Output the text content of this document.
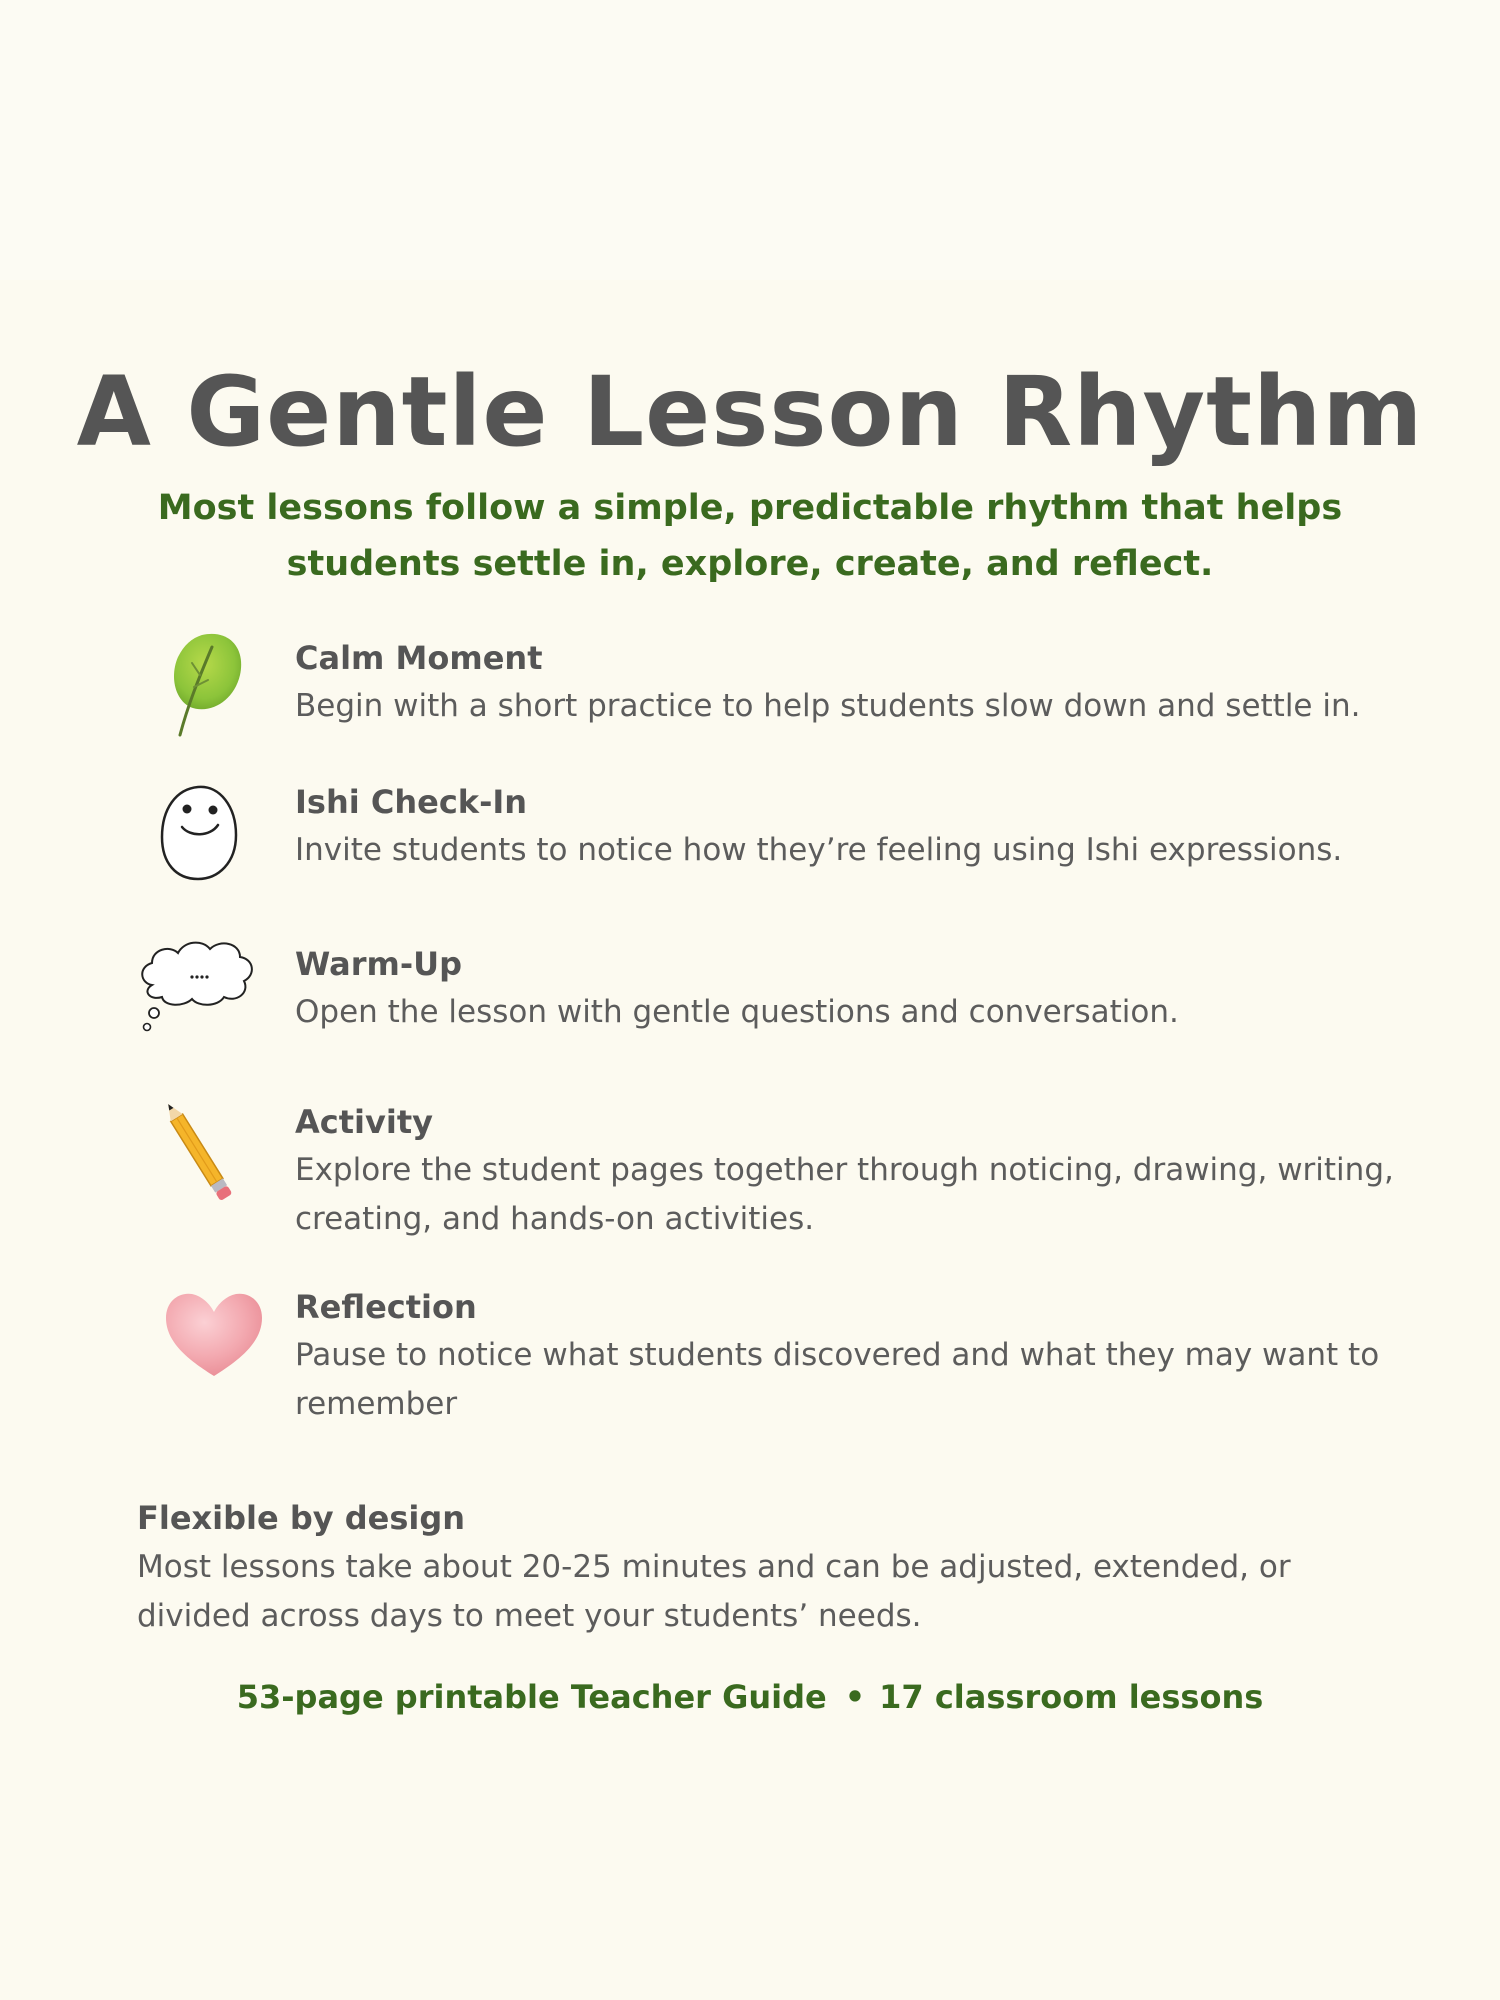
A Gentle Lesson Rhythm
Most lessons follow a simple, predictable rhythm that helps students settle in, explore, create, and reflect.
Calm Moment
Begin with a short practice to help students slow down and settle in.
Ishi Check-In
Invite students to notice how they’re feeling using Ishi expressions.
Warm-Up
Open the lesson with gentle questions and conversation.
Activity
Explore the student pages together through noticing, drawing, writing, creating, and hands-on activities.
Reflection
Pause to notice what students discovered and what they may want to remember
Flexible by design
Most lessons take about 20-25 minutes and can be adjusted, extended, or divided across days to meet your students’ needs.
53-page printable Teacher Guide • 17 classroom lessons
